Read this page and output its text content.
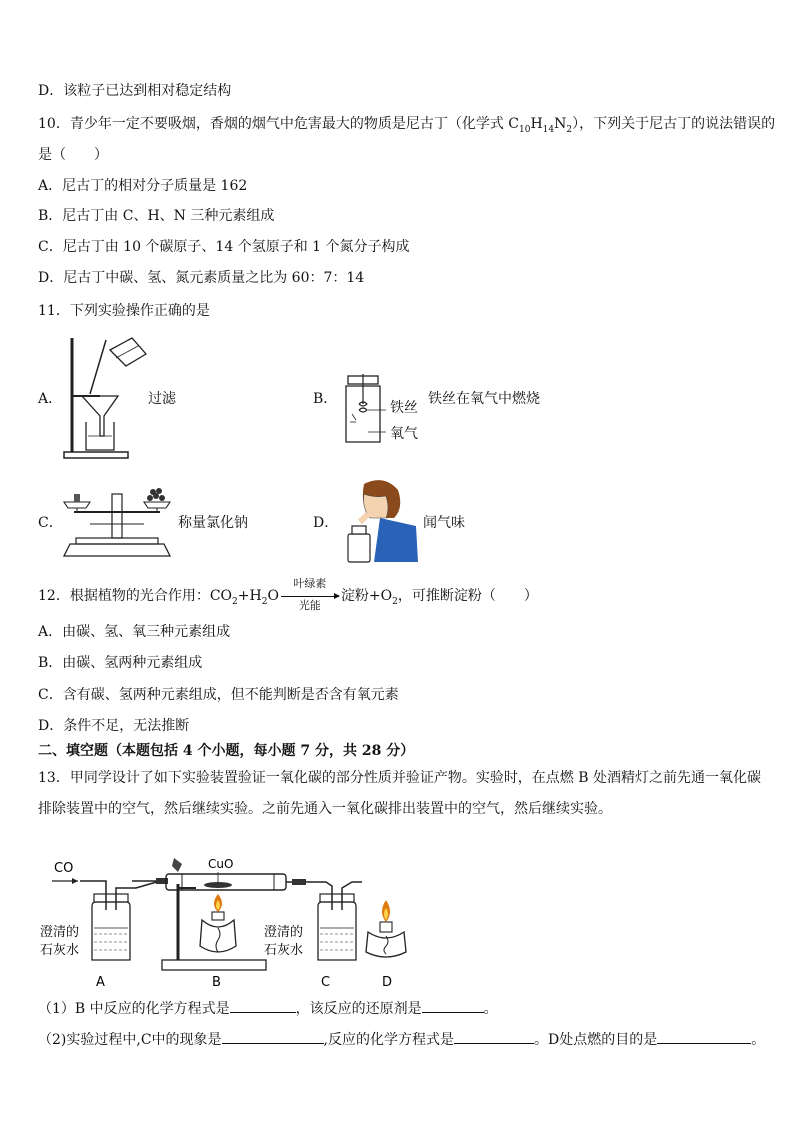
D．该粒子已达到相对稳定结构
10．青少年一定不要吸烟，香烟的烟气中危害最大的物质是尼古丁（化学式 $C_{10}H_{14}N_2$），下列关于尼古丁的说法错误的
是（　　）
A．尼古丁的相对分子质量是 162
B．尼古丁由 C、H、N 三种元素组成
C．尼古丁由 10 个碳原子、14 个氢原子和 1 个氮分子构成
D．尼古丁中碳、氢、氮元素质量之比为 60：7：14
11．下列实验操作正确的是
A．	过滤	B．
铁丝
氧气
铁丝在氧气中燃烧
C．	称量氯化钠	D．	闻气味
12．根据植物的光合作用：$CO_2+H_2O$
叶绿素
光能
淀粉$+O_2$，可推断淀粉（　　）
A．由碳、氢、氧三种元素组成
B．由碳、氢两种元素组成
C．含有碳、氢两种元素组成，但不能判断是否含有氧元素
D．条件不足，无法推断
二、填空题（本题包括 4 个小题，每小题 7 分，共 28 分）
13．甲同学设计了如下实验装置验证一氧化碳的部分性质并验证产物。实验时，在点燃 B 处酒精灯之前先通一氧化碳
排除装置中的空气，然后继续实验。之前先通入一氧化碳排出装置中的空气，然后继续实验。
CO
澄清的
石灰水
A
CuO
B
澄清的
石灰水
C	D
（1）B 中反应的化学方程式是	，该反应的还原剂是	。
（2)实验过程中,C中的现象是	,反应的化学方程式是	。D处点燃的目的是	。
